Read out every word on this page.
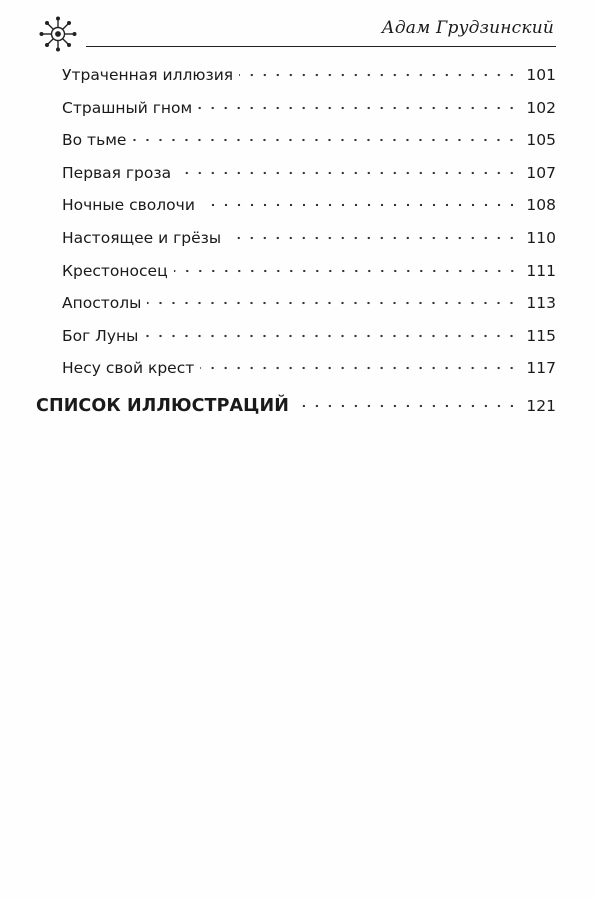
Адам Грудзинский
Утраченная иллюзия	101
Страшный гном	102
Во тьме	105
Первая гроза	107
Ночные сволочи	108
Настоящее и грёзы	110
Крестоносец	111
Апостолы	113
Бог Луны	115
Несу свой крест	117
СПИСОК ИЛЛЮСТРАЦИЙ	121
